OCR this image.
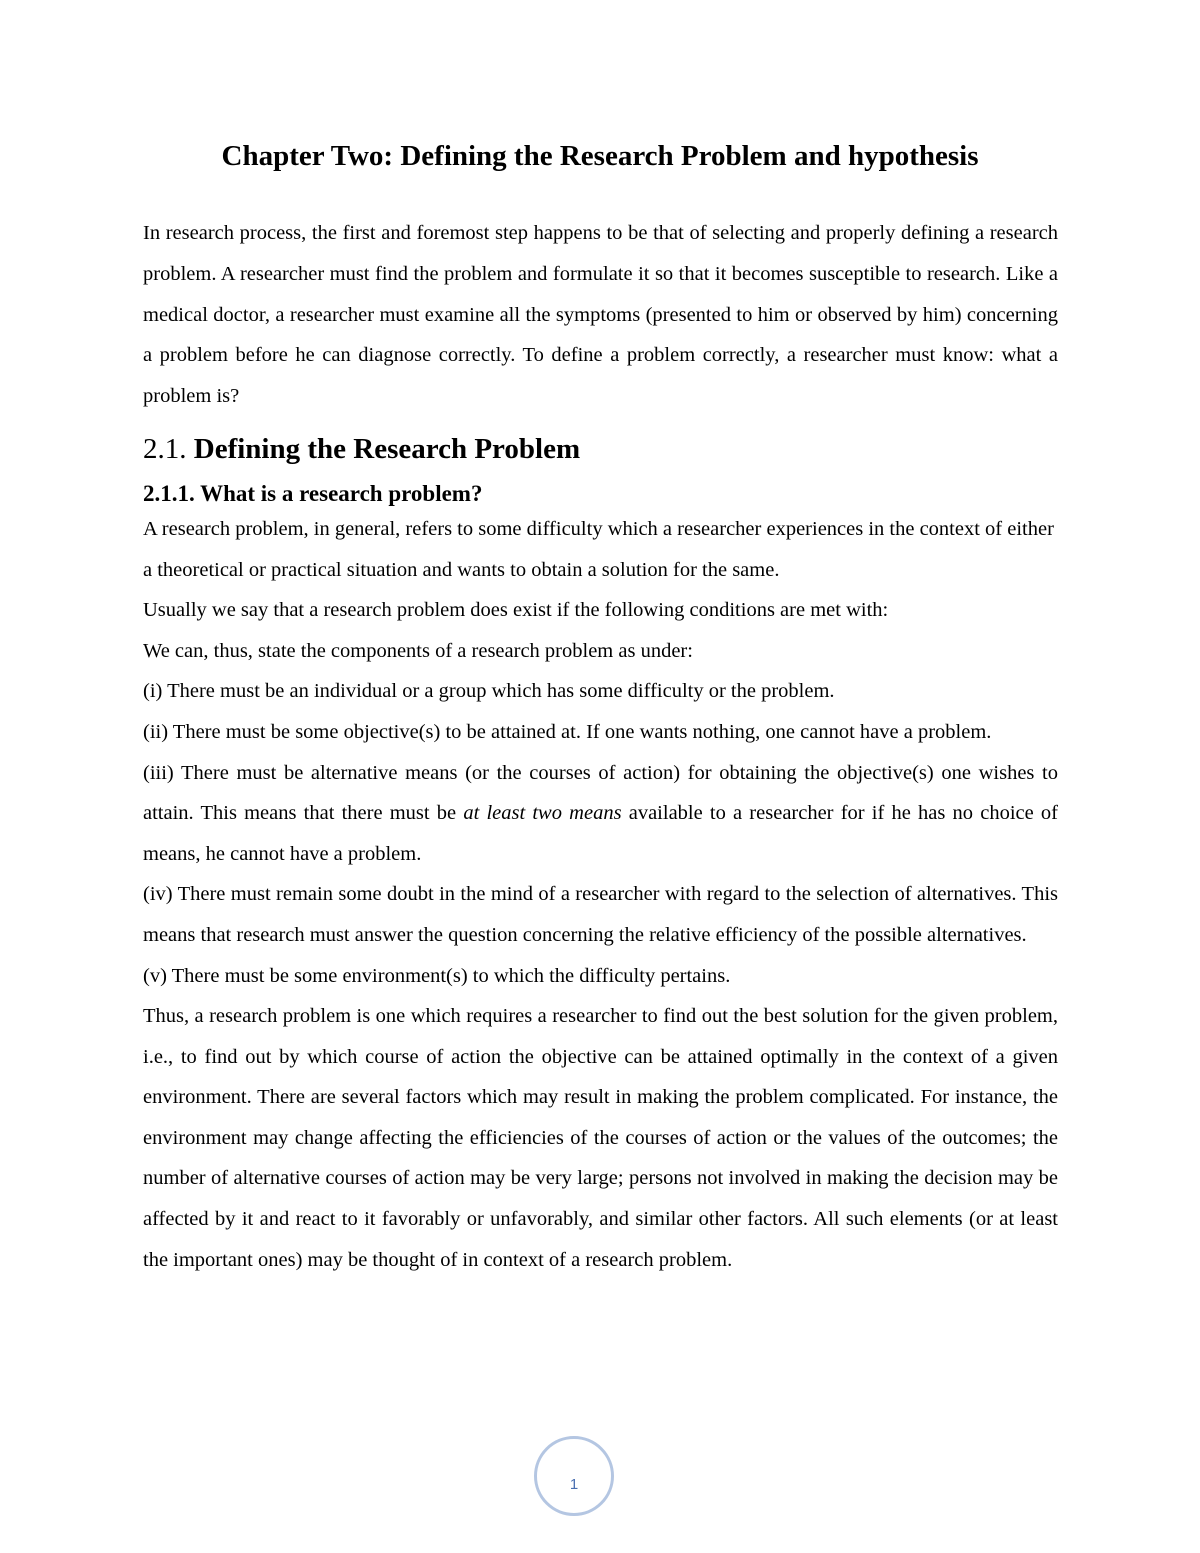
Chapter Two: Defining the Research Problem and hypothesis

In research process, the first and foremost step happens to be that of selecting and properly defining a research problem. A researcher must find the problem and formulate it so that it becomes susceptible to research. Like a medical doctor, a researcher must examine all the symptoms (presented to him or observed by him) concerning a problem before he can diagnose correctly. To define a problem correctly, a researcher must know: what a problem is?

2.1. Defining the Research Problem
2.1.1. What is a research problem?

A research problem, in general, refers to some difficulty which a researcher experiences in the context of either a theoretical or practical situation and wants to obtain a solution for the same.

Usually we say that a research problem does exist if the following conditions are met with:

We can, thus, state the components of a research problem as under:

(i) There must be an individual or a group which has some difficulty or the problem.

(ii) There must be some objective(s) to be attained at. If one wants nothing, one cannot have a problem.

(iii) There must be alternative means (or the courses of action) for obtaining the objective(s) one wishes to attain. This means that there must be at least two means available to a researcher for if he has no choice of means, he cannot have a problem.

(iv) There must remain some doubt in the mind of a researcher with regard to the selection of alternatives. This means that research must answer the question concerning the relative efficiency of the possible alternatives.

(v) There must be some environment(s) to which the difficulty pertains.

Thus, a research problem is one which requires a researcher to find out the best solution for the given problem, i.e., to find out by which course of action the objective can be attained optimally in the context of a given environment. There are several factors which may result in making the problem complicated. For instance, the environment may change affecting the efficiencies of the courses of action or the values of the outcomes; the number of alternative courses of action may be very large; persons not involved in making the decision may be affected by it and react to it favorably or unfavorably, and similar other factors. All such elements (or at least the important ones) may be thought of in context of a research problem.

1
